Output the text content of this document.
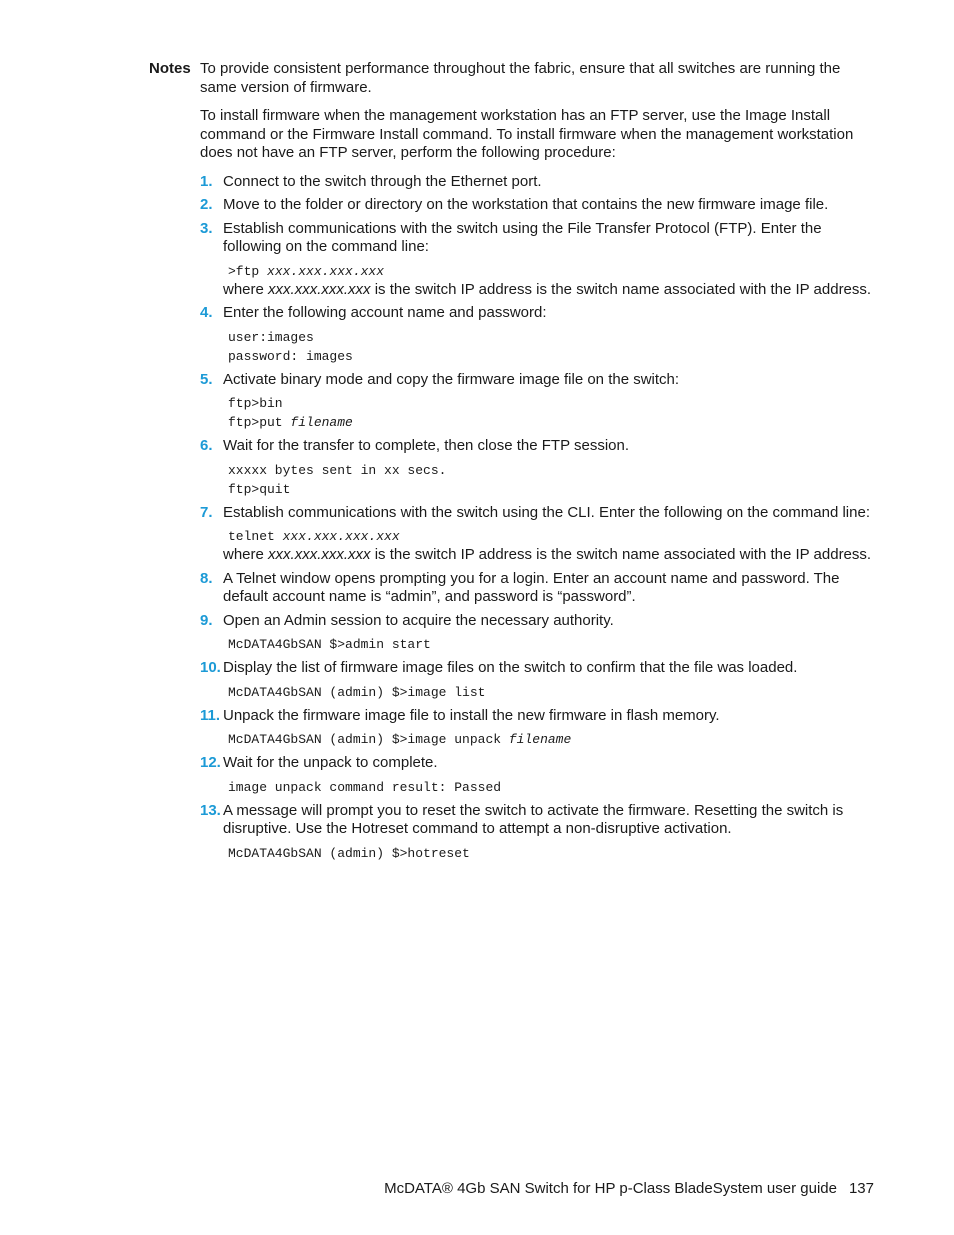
Notes To provide consistent performance throughout the fabric, ensure that all switches are running the same version of firmware.

To install firmware when the management workstation has an FTP server, use the Image Install command or the Firmware Install command. To install firmware when the management workstation does not have an FTP server, perform the following procedure:

1. Connect to the switch through the Ethernet port.
2. Move to the folder or directory on the workstation that contains the new firmware image file.
3. Establish communications with the switch using the File Transfer Protocol (FTP). Enter the following on the command line:
>ftp xxx.xxx.xxx.xxx
where xxx.xxx.xxx.xxx is the switch IP address is the switch name associated with the IP address.
4. Enter the following account name and password:
user:images
password: images
5. Activate binary mode and copy the firmware image file on the switch:
ftp>bin
ftp>put filename
6. Wait for the transfer to complete, then close the FTP session.
xxxxx bytes sent in xx secs.
ftp>quit
7. Establish communications with the switch using the CLI. Enter the following on the command line:
telnet xxx.xxx.xxx.xxx
where xxx.xxx.xxx.xxx is the switch IP address is the switch name associated with the IP address.
8. A Telnet window opens prompting you for a login. Enter an account name and password. The default account name is “admin”, and password is “password”.
9. Open an Admin session to acquire the necessary authority.
McDATA4GbSAN $>admin start
10. Display the list of firmware image files on the switch to confirm that the file was loaded.
McDATA4GbSAN (admin) $>image list
11. Unpack the firmware image file to install the new firmware in flash memory.
McDATA4GbSAN (admin) $>image unpack filename
12. Wait for the unpack to complete.
image unpack command result: Passed
13. A message will prompt you to reset the switch to activate the firmware. Resetting the switch is disruptive. Use the Hotreset command to attempt a non-disruptive activation.
McDATA4GbSAN (admin) $>hotreset
McDATA® 4Gb SAN Switch for HP p-Class BladeSystem user guide 137
